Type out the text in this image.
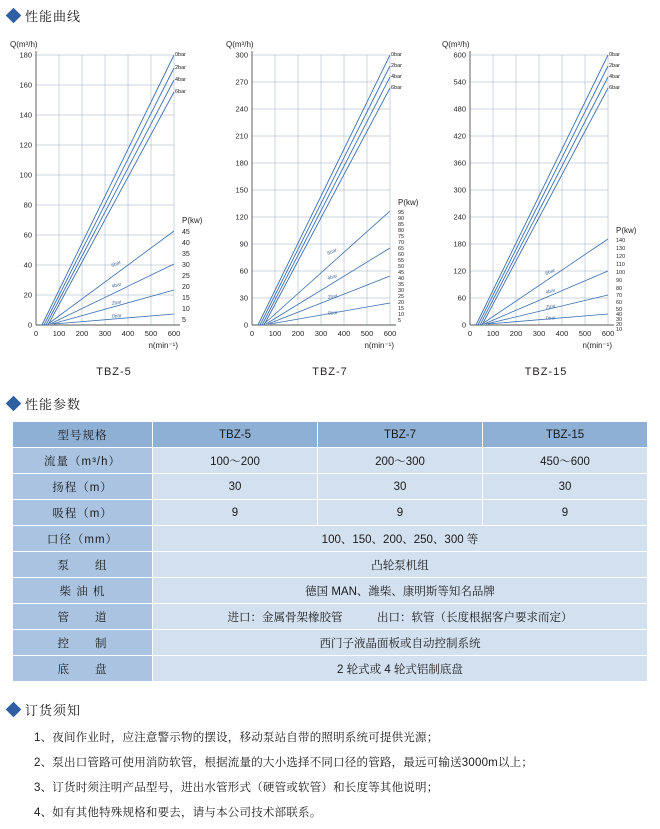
性能曲线
Q(m³/h)
0
20
40
60
80
100
120
140
160
180
0 100 200 300 400 500 600
n(min⁻¹)
0bar
2bar
4bar
6bar
P(kw)
45
40
35
30
25
20
15
10
5
6bar
4bar
2bar
0bar
TBZ-5
Q(m³/h)
0
30
60
90
120
150
180
210
240
270
300
0 100 200 300 400 500 600
n(min⁻¹)
0bar
2bar
4bar
6bar
P(kw)
95
90
85
80
75
70
65
60
55
50
45
40
35
30
25
20
15
10
5
6bar
4bar
2bar
0bar
TBZ-7
Q(m³/h)
0
60
120
180
240
300
360
420
480
540
600
0 100 200 300 400 500 600
n(min⁻¹)
0bar
2bar
4bar
6bar
P(kw)
140
130
120
110
100
90
80
70
60
50
40
30
20
10
6bar
4bar
2bar
0bar
TBZ-15
性能参数
型号规格	TBZ-5	TBZ-7	TBZ-15
流量（m³/h）	100～200	200～300	450～600
扬程（m）	30	30	30
吸程（m）	9	9	9
口径（mm）	100、150、200、250、300 等		
泵　　组	凸轮泵机组		
柴 油 机	德国 MAN、潍柴、康明斯等知名品牌		
管　　道	进口：金属骨架橡胶管　　　出口：软管（长度根据客户要求而定）		
控　　制	西门子液晶面板或自动控制系统		
底　　盘	2 轮式或 4 轮式铝制底盘		
订货须知
1、夜间作业时，应注意警示物的摆设，移动泵站自带的照明系统可提供光源；
2、泵出口管路可使用消防软管，根据流量的大小选择不同口径的管路，最远可输送3000m以上；
3、订货时须注明产品型号，进出水管形式（硬管或软管）和长度等其他说明；
4、如有其他特殊规格和要去，请与本公司技术部联系。
